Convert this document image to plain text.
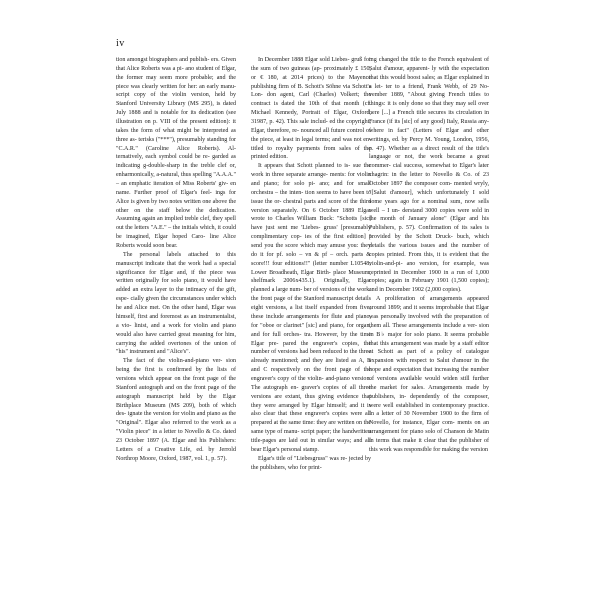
iv

tion amongst biographers and publish- ers. Given that Alice Roberts was a pi- ano student of Elgar, the former may seem more probable; and the piece was clearly written for her: an early manu- script copy of the violin version, held by Stanford University Library (MS 295), is dated July 1888 and is notable for its dedication (see illustration on p. VIII of the present edition): it takes the form of what might be interpreted as three as- terisks ("***"), presumably standing for "C.A.R." (Caroline Alice Roberts). Al- ternatively, each symbol could be re- garded as indicating g-double-sharp in the treble clef or, enharmonically, a-natural, thus spelling "A.A.A." – an emphatic iteration of Miss Roberts' giv- en name. Further proof of Elgar's feel- ings for Alice is given by two notes written one above the other on the staff below the dedication. Assuming again an implied treble clef, they spell out the letters "A.E." – the initials which, it could be imagined, Elgar hoped Caro- line Alice Roberts would soon bear.

The personal labels attached to this manuscript indicate that the work had a special significance for Elgar and, if the piece was written originally for solo piano, it would have added an extra layer to the intimacy of the gift, espe- cially given the circumstances under which he and Alice met. On the other hand, Elgar was himself, first and foremost as an instrumentalist, a vio- linist, and a work for violin and piano would also have carried great meaning for him, carrying the added overtones of the union of "his" instrument and "Alice's".

The fact of the violin-and-piano ver- sion being the first is confirmed by the lists of versions which appear on the front page of the Stanford autograph and on the front page of the autograph manuscript held by the Elgar Birthplace Museum (MS 209), both of which des- ignate the version for violin and piano as the "Original". Elgar also referred to the work as a "Violin piece" in a letter to Novello & Co. dated 23 October 1897 (A. Elgar and his Publishers: Letters of a Creative Life, ed. by Jerrold Northrop Moore, Oxford, 1987, vol. 1, p. 57).

In December 1888 Elgar sold Liebes- gruß for the sum of two guineas (ap- proximately £ 150, or € 180, at 2014 prices) to the Mayence publishing firm of B. Schott's Söhne via Schott's Lon- don agent, Carl (Charles) Volkert; the contract is dated the 10th of that month (cf. Michael Kennedy, Portrait of Elgar, Oxford, 31987, p. 42). This sale includ- ed the copyright; Elgar, therefore, re- nounced all future control of the piece, at least in legal terms; and was not en- titled to royalty payments from sales of the printed edition.

It appears that Schott planned to is- sue the work in three separate arrange- ments: for violin and piano; for solo pi- ano; and for small orchestra – the inten- tion seems to have been to issue the or- chestral parts and score of the third version separately. On 6 October 1889 Elgar wrote to Charles William Buck: "Schotts [sic] have just sent me 'Liebes- gruss' [presumably complimentary cop- ies of the first edition] I send you the score which may amuse you: they do it for pf. solo – vn & pf – orch. parts & score!!! four editions!!" (letter number L10548; Lower Broadheath, Elgar Birth- place Museum, shelfmark 2006x435.1). Originally, Elgar planned a large num- ber of versions of the work: the front page of the Stanford manuscript details eight versions, a list itself expanded from five; these include arrangements for flute and piano, for "oboe or clarinet" [sic] and piano, for organ, and for full orches- tra. However, by the time Elgar pre- pared the engraver's copies, the number of versions had been reduced to the three already mentioned; and they are listed as A, B and C respectively on the front page of the engraver's copy of the violin- and-piano version. The autograph en- graver's copies of all three versions are extant, thus giving evidence that they were arranged by Elgar himself; and it is also clear that these engraver's copies were all prepared at the same time: they are written on the same type of manu- script paper; the handwritten title-pages are laid out in similar ways; and all bear Elgar's personal stamp.

Elgar's title of "Liebesgruss" was re- jected by the publishers, who for print-

ing changed the title to the French equivalent of Salut d'amour, apparent- ly with the expectation that this would boost sales; as Elgar explained in a let- ter to a friend, Frank Webb, of 29 No- vember 1889, "About giving French titles to things: it is only done so that they may sell over here [...] a French title secures its circulation in France (if its [sic] of any good) Italy, Russia any- where in fact" (Letters of Elgar and other writings, ed. by Percy M. Young, London, 1956, p. 47). Whether as a direct result of the title's language or not, the work became a great commer- cial success, somewhat to Elgar's later chagrin: in the letter to Novello & Co. of 23 October 1897 the composer com- mented wryly, "[Salut d'amour], which unfortunately I sold some years ago for a nominal sum, now sells well – I un- derstand 3000 copies were sold in the month of January alone" (Elgar and his Publishers, p. 57). Confirmation of its sales is provided by the Schott Druck- buch, which details the various issues and the number of copies printed. From this, it is evident that the violin-and-pi- ano version, for example, was reprinted in December 1900 in a run of 1,000 copies; again in February 1901 (1,500 copies); and in December 1902 (2,000 copies).

A proliferation of arrangements appeared around 1899; and it seems improbable that Elgar was personally involved with the preparation of them all. These arrangements include a ver- sion in B♭ major for solo piano. It seems probable that this arrangement was made by a staff editor at Schott as part of a policy of catalogue expansion with respect to Salut d'amour in the hope and expectation that increasing the number of versions available would widen still further the market for sales. Arrangements made by publishers, in- dependently of the composer, were well established in contemporary practice. In a letter of 30 November 1900 to the firm of Novello, for instance, Elgar com- ments on an arrangement for piano solo of Chanson de Matin in terms that make it clear that the publisher of this work was responsible for making the version
